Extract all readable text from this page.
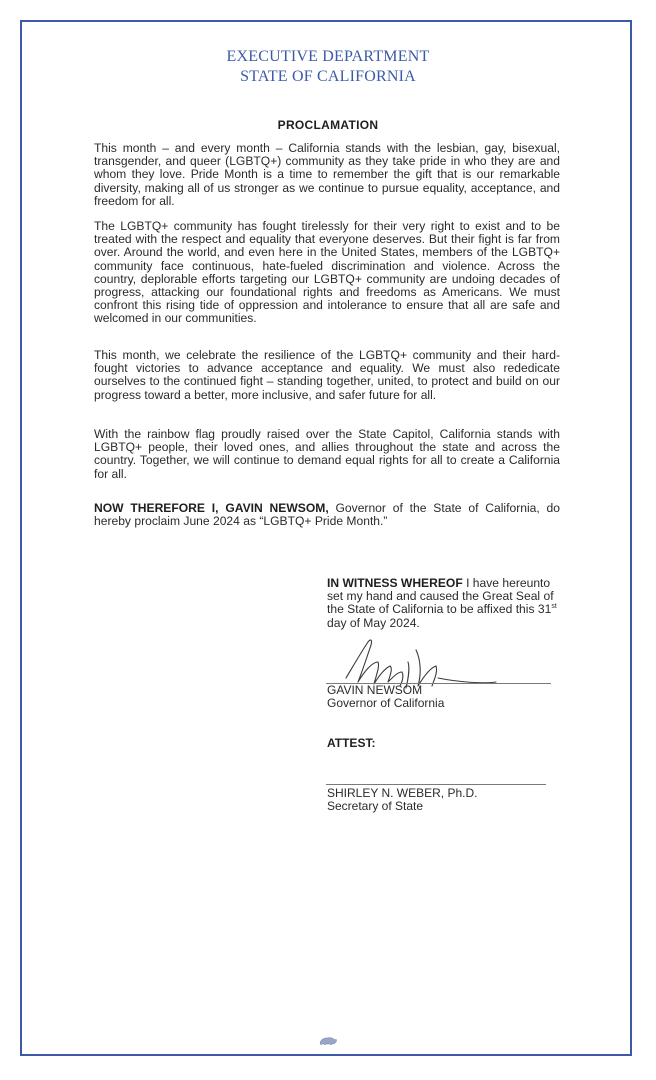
EXECUTIVE DEPARTMENT
STATE OF CALIFORNIA
PROCLAMATION
This month – and every month – California stands with the lesbian, gay, bisexual, transgender, and queer (LGBTQ+) community as they take pride in who they are and whom they love. Pride Month is a time to remember the gift that is our remarkable diversity, making all of us stronger as we continue to pursue equality, acceptance, and freedom for all.
The LGBTQ+ community has fought tirelessly for their very right to exist and to be treated with the respect and equality that everyone deserves. But their fight is far from over. Around the world, and even here in the United States, members of the LGBTQ+ community face continuous, hate-fueled discrimination and violence. Across the country, deplorable efforts targeting our LGBTQ+ community are undoing decades of progress, attacking our foundational rights and freedoms as Americans. We must confront this rising tide of oppression and intolerance to ensure that all are safe and welcomed in our communities.
This month, we celebrate the resilience of the LGBTQ+ community and their hard-fought victories to advance acceptance and equality. We must also rededicate ourselves to the continued fight – standing together, united, to protect and build on our progress toward a better, more inclusive, and safer future for all.
With the rainbow flag proudly raised over the State Capitol, California stands with LGBTQ+ people, their loved ones, and allies throughout the state and across the country. Together, we will continue to demand equal rights for all to create a California for all.
NOW THEREFORE I, GAVIN NEWSOM, Governor of the State of California, do hereby proclaim June 2024 as “LGBTQ+ Pride Month.”
IN WITNESS WHEREOF I have hereunto set my hand and caused the Great Seal of the State of California to be affixed this 31st day of May 2024.
GAVIN NEWSOM
Governor of California
ATTEST:
SHIRLEY N. WEBER, Ph.D.
Secretary of State
